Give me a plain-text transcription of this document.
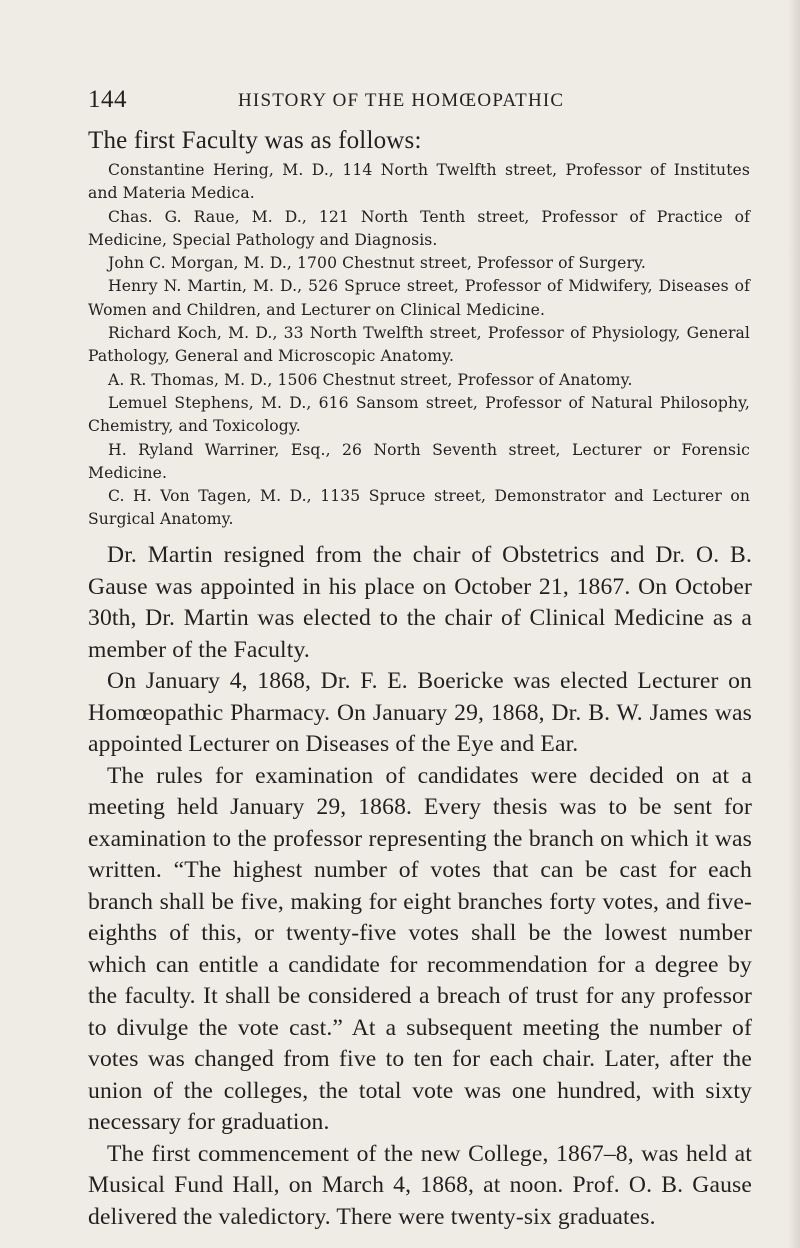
144	HISTORY OF THE HOMŒOPATHIC
The first Faculty was as follows:

Constantine Hering, M. D., 114 North Twelfth street, Professor of Institutes and Materia Medica.

Chas. G. Raue, M. D., 121 North Tenth street, Professor of Practice of Medicine, Special Pathology and Diagnosis.

John C. Morgan, M. D., 1700 Chestnut street, Professor of Surgery.

Henry N. Martin, M. D., 526 Spruce street, Professor of Midwifery, Diseases of Women and Children, and Lecturer on Clinical Medicine.

Richard Koch, M. D., 33 North Twelfth street, Professor of Physiology, General Pathology, General and Microscopic Anatomy.

A. R. Thomas, M. D., 1506 Chestnut street, Professor of Anatomy.

Lemuel Stephens, M. D., 616 Sansom street, Professor of Natural Philosophy, Chemistry, and Toxicology.

H. Ryland Warriner, Esq., 26 North Seventh street, Lecturer or Forensic Medicine.

C. H. Von Tagen, M. D., 1135 Spruce street, Demonstrator and Lecturer on Surgical Anatomy.

Dr. Martin resigned from the chair of Obstetrics and Dr. O. B. Gause was appointed in his place on October 21, 1867. On October 30th, Dr. Martin was elected to the chair of Clinical Medicine as a member of the Faculty.

On January 4, 1868, Dr. F. E. Boericke was elected Lecturer on Homœopathic Pharmacy. On January 29, 1868, Dr. B. W. James was appointed Lecturer on Diseases of the Eye and Ear.

The rules for examination of candidates were decided on at a meeting held January 29, 1868. Every thesis was to be sent for examination to the professor representing the branch on which it was written. “The highest number of votes that can be cast for each branch shall be five, making for eight branches forty votes, and five-eighths of this, or twenty-five votes shall be the lowest number which can entitle a candidate for recommendation for a degree by the faculty. It shall be considered a breach of trust for any professor to divulge the vote cast.” At a subsequent meeting the number of votes was changed from five to ten for each chair. Later, after the union of the colleges, the total vote was one hundred, with sixty necessary for graduation.

The first commencement of the new College, 1867–8, was held at Musical Fund Hall, on March 4, 1868, at noon. Prof. O. B. Gause delivered the valedictory. There were twenty-six graduates.
